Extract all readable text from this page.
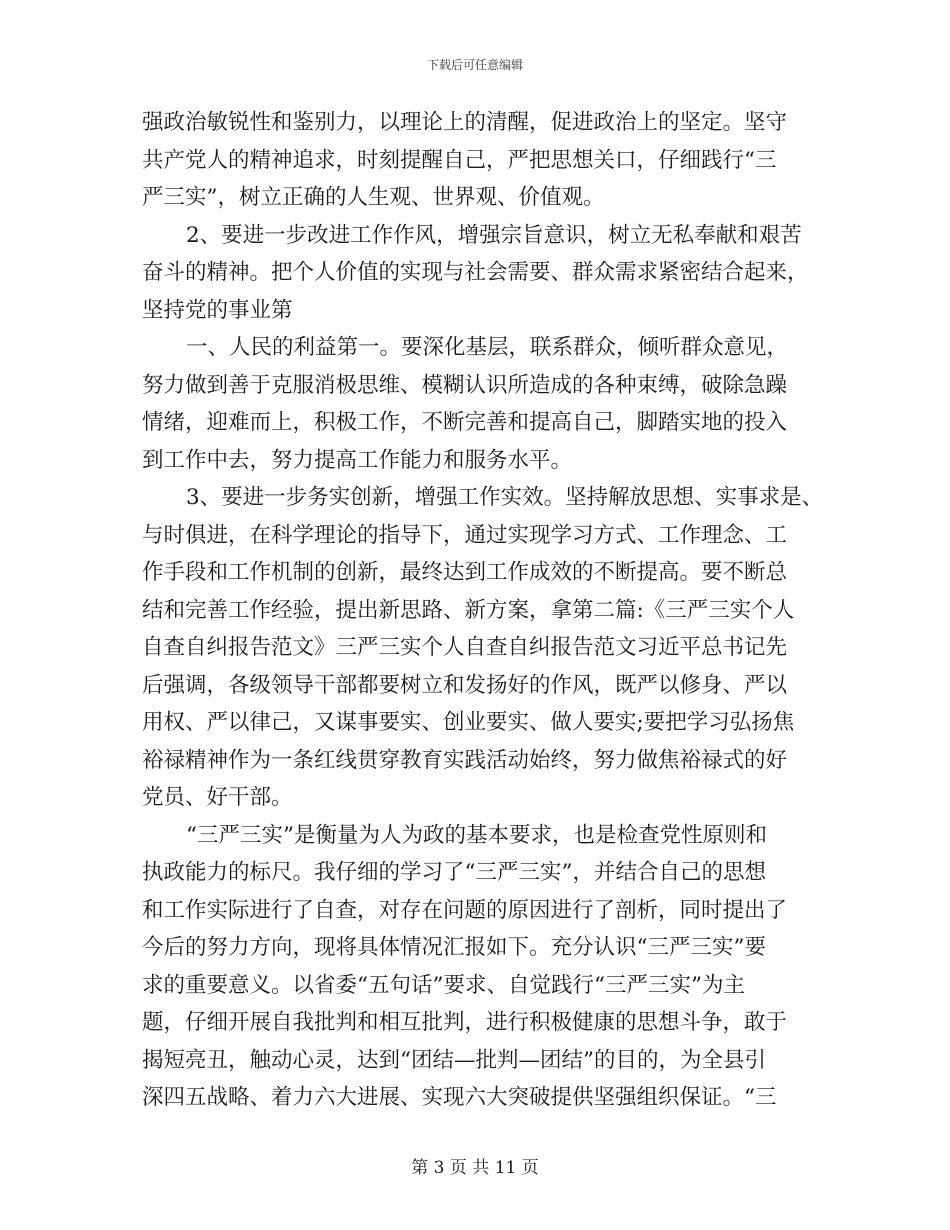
下载后可任意编辑
强政治敏锐性和鉴别力，以理论上的清醒，促进政治上的坚定。坚守
共产党人的精神追求，时刻提醒自己，严把思想关口，仔细践行“三
严三实”，树立正确的人生观、世界观、价值观。
2、要进一步改进工作作风，增强宗旨意识，树立无私奉献和艰苦
奋斗的精神。把个人价值的实现与社会需要、群众需求紧密结合起来，
坚持党的事业第
一、人民的利益第一。要深化基层，联系群众，倾听群众意见，
努力做到善于克服消极思维、模糊认识所造成的各种束缚，破除急躁
情绪，迎难而上，积极工作，不断完善和提高自己，脚踏实地的投入
到工作中去，努力提高工作能力和服务水平。
3、要进一步务实创新，增强工作实效。坚持解放思想、实事求是、
与时俱进，在科学理论的指导下，通过实现学习方式、工作理念、工
作手段和工作机制的创新，最终达到工作成效的不断提高。要不断总
结和完善工作经验，提出新思路、新方案，拿第二篇:《三严三实个人
自查自纠报告范文》三严三实个人自查自纠报告范文习近平总书记先
后强调，各级领导干部都要树立和发扬好的作风，既严以修身、严以
用权、严以律己，又谋事要实、创业要实、做人要实;要把学习弘扬焦
裕禄精神作为一条红线贯穿教育实践活动始终，努力做焦裕禄式的好
党员、好干部。
“三严三实”是衡量为人为政的基本要求，也是检查党性原则和
执政能力的标尺。我仔细的学习了“三严三实”，并结合自己的思想
和工作实际进行了自查，对存在问题的原因进行了剖析，同时提出了
今后的努力方向，现将具体情况汇报如下。充分认识“三严三实”要
求的重要意义。以省委“五句话”要求、自觉践行“三严三实”为主
题，仔细开展自我批判和相互批判，进行积极健康的思想斗争，敢于
揭短亮丑，触动心灵，达到“团结—批判—团结”的目的，为全县引
深四五战略、着力六大进展、实现六大突破提供坚强组织保证。“三
第 3 页 共 11 页
